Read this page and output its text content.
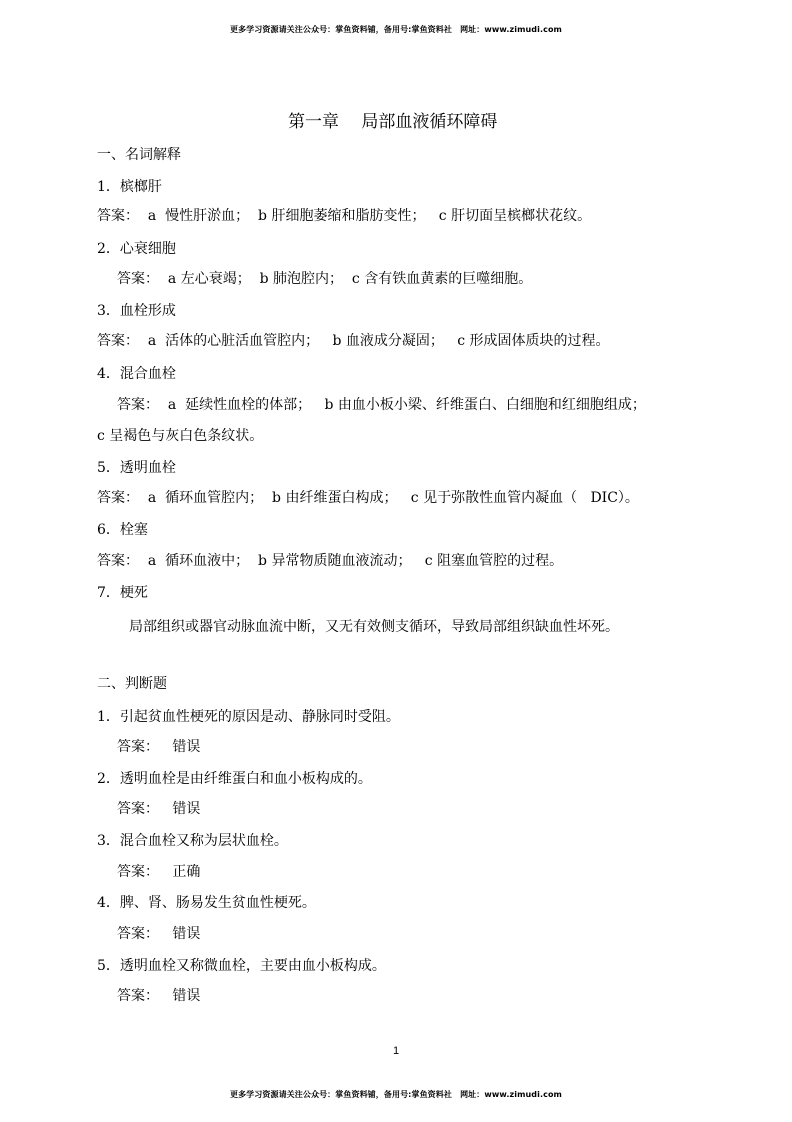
更多学习资源请关注公众号：掌鱼资料铺，备用号:掌鱼资料社　网址：www.zimudi.com
第一章　 局部血液循环障碍
一、名词解释
1．槟榔肝
答案：  a  慢性肝淤血；  b 肝细胞萎缩和脂肪变性；   c 肝切面呈槟榔状花纹。
2．心衰细胞
答案：  a 左心衰竭；  b 肺泡腔内；  c 含有铁血黄素的巨噬细胞。
3．血栓形成
答案：  a  活体的心脏活血管腔内；   b 血液成分凝固；   c 形成固体质块的过程。
4．混合血栓
答案：  a  延续性血栓的体部；   b 由血小板小梁、纤维蛋白、白细胞和红细胞组成；
c 呈褐色与灰白色条纹状。
5．透明血栓
答案：  a  循环血管腔内；  b 由纤维蛋白构成；   c 见于弥散性血管内凝血（   DIC）。
6．栓塞
答案：  a  循环血液中；  b 异常物质随血液流动；   c 阻塞血管腔的过程。
7．梗死
局部组织或器官动脉血流中断，又无有效侧支循环，导致局部组织缺血性坏死。
二、判断题
1．引起贫血性梗死的原因是动、静脉同时受阻。
答案：   错误
2．透明血栓是由纤维蛋白和血小板构成的。
答案：   错误
3．混合血栓又称为层状血栓。
答案：   正确
4．脾、肾、肠易发生贫血性梗死。
答案：   错误
5．透明血栓又称微血栓，主要由血小板构成。
答案：   错误
1
更多学习资源请关注公众号：掌鱼资料铺，备用号:掌鱼资料社　网址：www.zimudi.com
